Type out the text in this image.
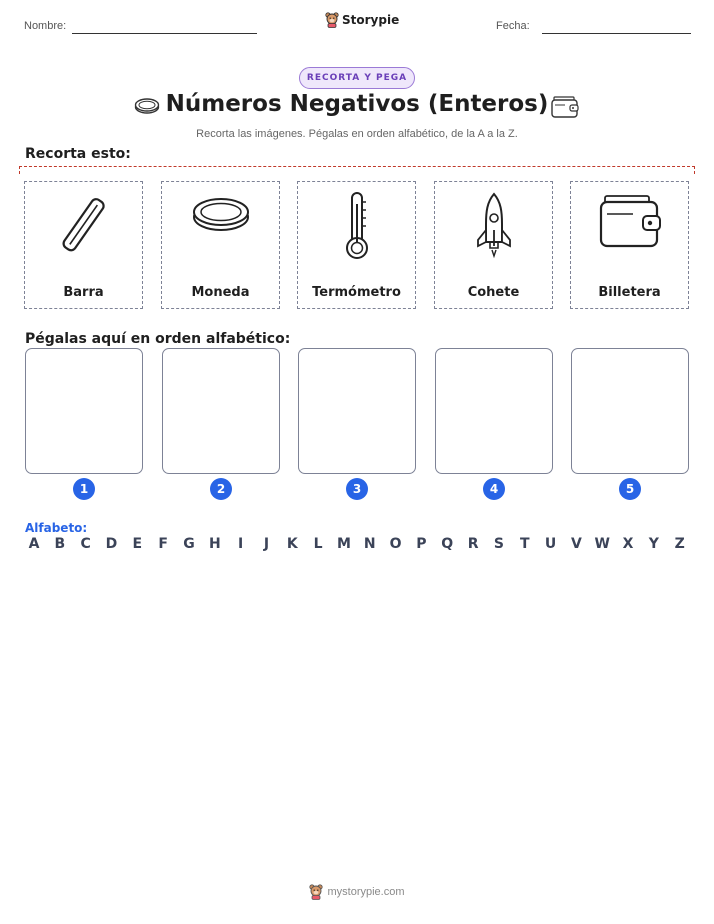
Nombre:	Storypie	Fecha:
RECORTA Y PEGA
Números Negativos (Enteros)
Recorta las imágenes. Pégalas en orden alfabético, de la A a la Z.
Recorta esto:
Barra	Moneda	Termómetro	Cohete	Billetera
Pégalas aquí en orden alfabético:
1	2	3	4	5
Alfabeto:
A	B	C	D	E	F	G	H	I	J	K	L	M N O	P	Q	R	S	T	U	V W X	Y	Z
mystorypie.com
